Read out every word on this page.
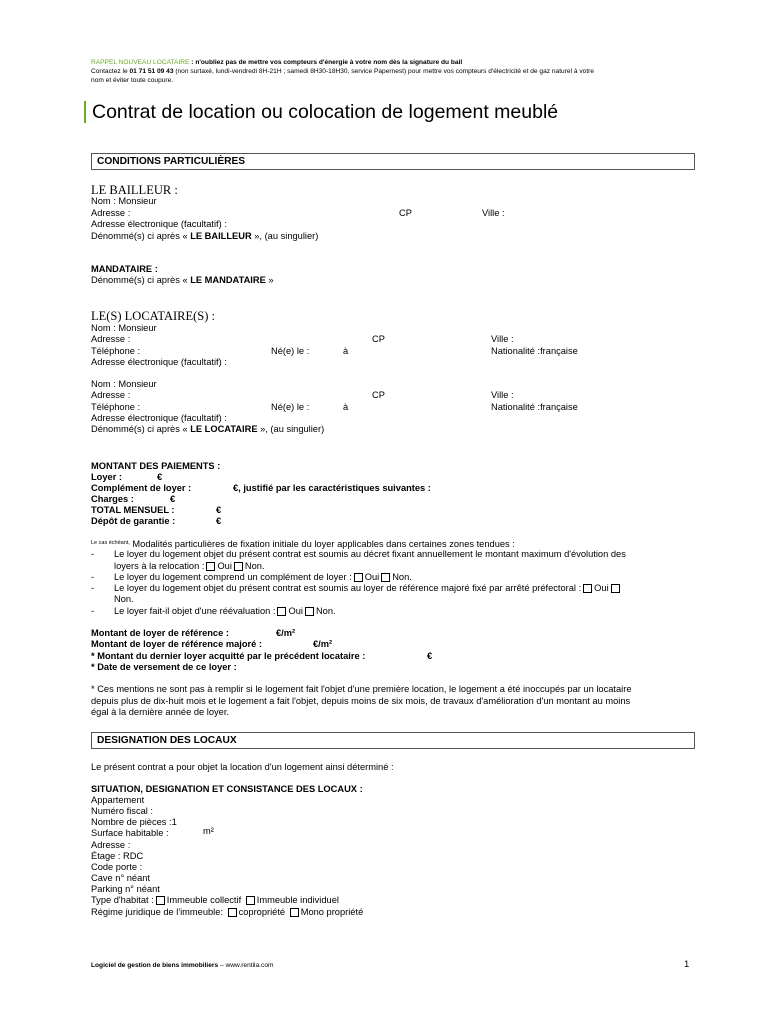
RAPPEL NOUVEAU LOCATAIRE : n'oubliez pas de mettre vos compteurs d'énergie à votre nom dès la signature du bail
Contactez le 01 71 51 09 43 (non surtaxé, lundi-vendredi 8H-21H ; samedi 8H30-18H30, service Papernest) pour mettre vos compteurs d'électricité et de gaz naturel à votre
nom et éviter toute coupure.
Contrat de location ou colocation de logement meublé
CONDITIONS PARTICULIÈRES
LE BAILLEUR :
Nom : Monsieur
Adresse :	CP	Ville :
Adresse électronique (facultatif) :
Dénommé(s) ci après « LE BAILLEUR », (au singulier)
MANDATAIRE :
Dénommé(s) ci après « LE MANDATAIRE »
LE(S) LOCATAIRE(S) :
Nom : Monsieur
Adresse :	CP	Ville :
Téléphone :	Né(e) le :	à	Nationalité :française
Adresse électronique (facultatif) :
Nom : Monsieur
Adresse :	CP	Ville :
Téléphone :	Né(e) le :	à	Nationalité :française
Adresse électronique (facultatif) :
Dénommé(s) ci après « LE LOCATAIRE », (au singulier)
MONTANT DES PAIEMENTS :
Loyer :	€
Complément de loyer :	€, justifié par les caractéristiques suivantes :
Charges :	€
TOTAL MENSUEL :	€
Dépôt de garantie :	€
$^{Le cas échéant,}$ Modalités particulières de fixation initiale du loyer applicables dans certaines zones tendues :
- Le loyer du logement objet du présent contrat est soumis au décret fixant annuellement le montant maximum d'évolution des
loyers à la relocation : Oui Non.
- Le loyer du logement comprend un complément de loyer : Oui Non.
- Le loyer du logement objet du présent contrat est soumis au loyer de référence majoré fixé par arrêté préfectoral : Oui
Non.
- Le loyer fait-il objet d'une réévaluation : Oui Non.
Montant de loyer de référence :	€/m²
Montant de loyer de référence majoré :	€/m²
* Montant du dernier loyer acquitté par le précédent locataire :	€
* Date de versement de ce loyer :
* Ces mentions ne sont pas à remplir si le logement fait l'objet d'une première location, le logement a été inoccupés par un locataire
depuis plus de dix-huit mois et le logement a fait l'objet, depuis moins de six mois, de travaux d'amélioration d'un montant au moins
égal à la dernière année de loyer.
DESIGNATION DES LOCAUX
Le présent contrat a pour objet la location d'un logement ainsi déterminé :
SITUATION, DESIGNATION ET CONSISTANCE DES LOCAUX :
Appartement
Numéro fiscal :
Nombre de pièces :1
Surface habitable :	m²
Adresse :
Étage : RDC
Code porte :
Cave n° néant
Parking n° néant
Type d'habitat : Immeuble collectif Immeuble individuel
Régime juridique de l'immeuble: copropriété Mono propriété
Logiciel de gestion de biens immobiliers – www.rentila.com	1
